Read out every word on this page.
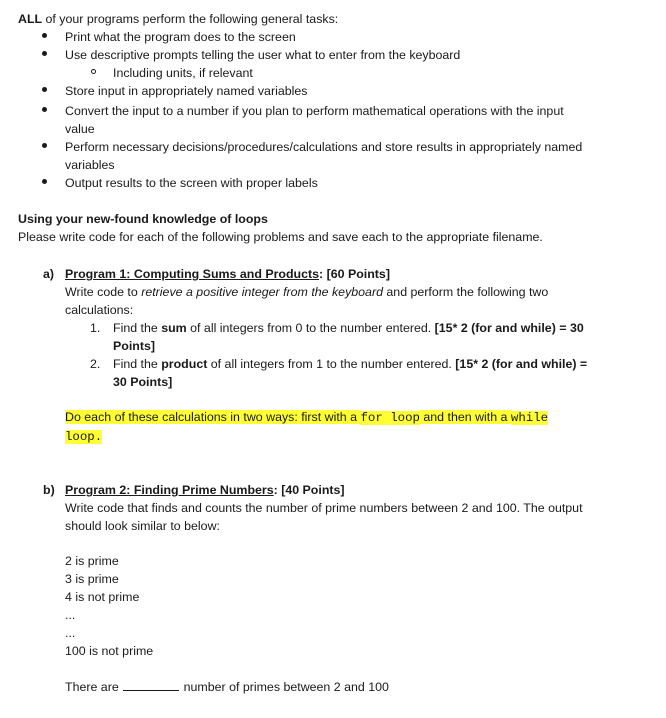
ALL of your programs perform the following general tasks:
Print what the program does to the screen
Use descriptive prompts telling the user what to enter from the keyboard
Including units, if relevant
Store input in appropriately named variables
Convert the input to a number if you plan to perform mathematical operations with the input
value
Perform necessary decisions/procedures/calculations and store results in appropriately named
variables
Output results to the screen with proper labels
Using your new-found knowledge of loops
Please write code for each of the following problems and save each to the appropriate filename.
a) Program 1: Computing Sums and Products: [60 Points]
Write code to retrieve a positive integer from the keyboard and perform the following two
calculations:
1. Find the sum of all integers from 0 to the number entered. [15* 2 (for and while) = 30
Points]
2. Find the product of all integers from 1 to the number entered. [15* 2 (for and while) =
30 Points]
Do each of these calculations in two ways: first with a for loop and then with a while
loop.
b) Program 2: Finding Prime Numbers: [40 Points]
Write code that finds and counts the number of prime numbers between 2 and 100. The output
should look similar to below:
2 is prime
3 is prime
4 is not prime
...
...
100 is not prime
There are	number of primes between 2 and 100
